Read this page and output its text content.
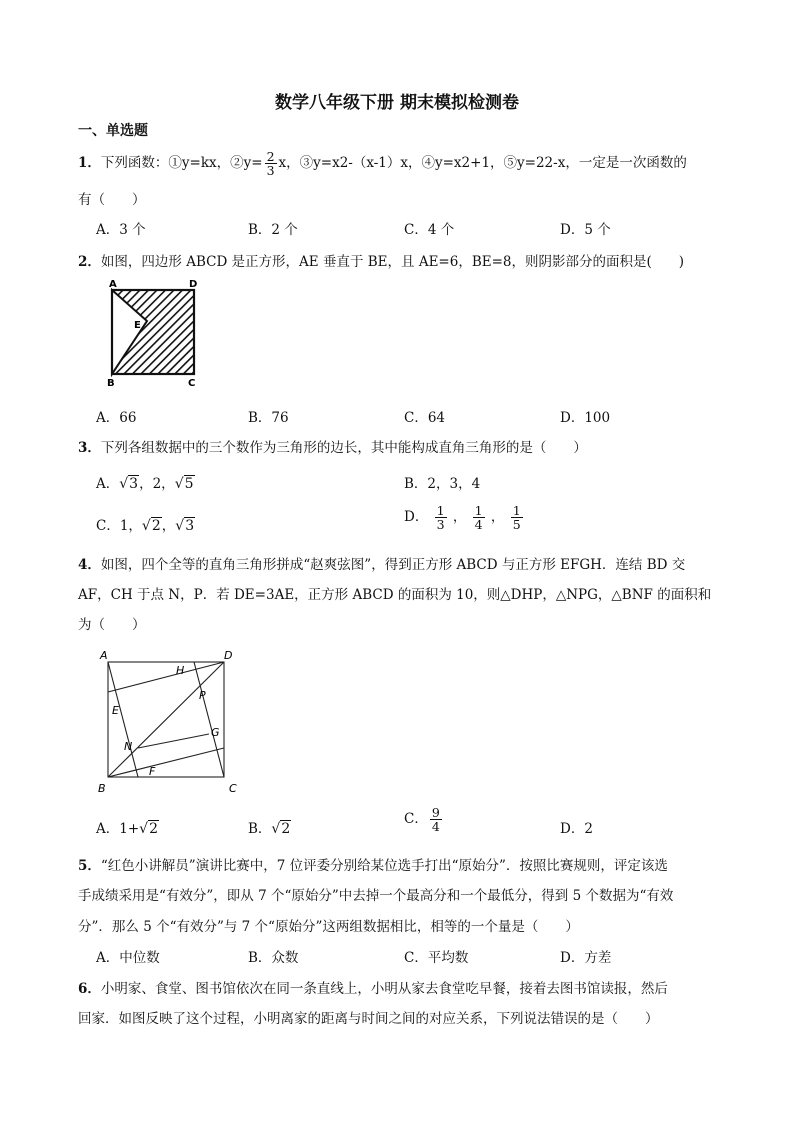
数学八年级下册 期末模拟检测卷
一、单选题
1．下列函数：①y=kx，②y= $\frac{2}{3}$ x，③y=x2-（x-1）x，④y=x2+1，⑤y=22-x，一定是一次函数的
有（　　）
A．3 个	B．2 个	C．4 个	D．5 个
2．如图，四边形 ABCD 是正方形，AE 垂直于 BE，且 AE=6，BE=8，则阴影部分的面积是(　　)
A	D
B	C
E
A．66	B．76	C．64	D．100
3．下列各组数据中的三个数作为三角形的边长，其中能构成直角三角形的是（　　）
A．√3，2，√5	B．2，3，4
C．1，√2，√3
D． $\frac{1}{3}$ ， $\frac{1}{4}$ ， $\frac{1}{5}$
4．如图，四个全等的直角三角形拼成“赵爽弦图”，得到正方形 ABCD 与正方形 EFGH．连结 BD 交
AF，CH 于点 N，P．若 DE=3AE，正方形 ABCD 的面积为 10，则△DHP，△NPG，△BNF 的面积和
为（　　）
A	D
B	C
E
F
G
H
N
P
A．1+√2	B．√2
C． $\frac{9}{4}$	D．2
5．“红色小讲解员”演讲比赛中，7 位评委分别给某位选手打出“原始分”．按照比赛规则，评定该选
手成绩采用是“有效分”，即从 7 个“原始分”中去掉一个最高分和一个最低分，得到 5 个数据为“有效
分”．那么 5 个“有效分”与 7 个“原始分”这两组数据相比，相等的一个量是（　　）
A．中位数	B．众数	C．平均数	D．方差
6．小明家、食堂、图书馆依次在同一条直线上，小明从家去食堂吃早餐，接着去图书馆读报，然后
回家．如图反映了这个过程，小明离家的距离与时间之间的对应关系，下列说法错误的是（　　）
